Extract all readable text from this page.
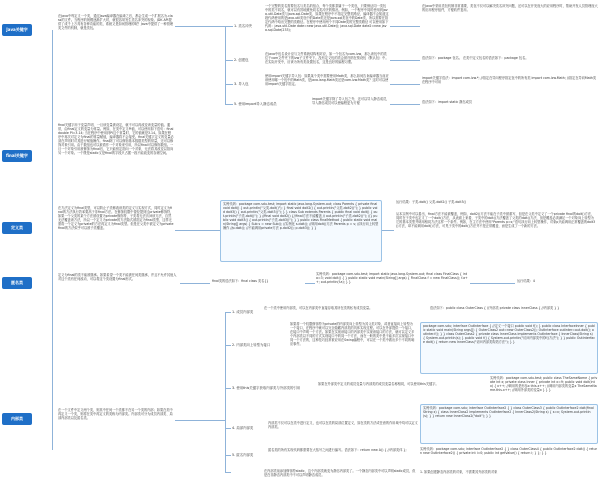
Java关键字
final关键字
定义类
匿名类
内部类
在Java中每定义一个类，通过Java编译器在编译之后，都会生成一个扩展名为.class的文件。当程序的规模逐渐扩大时，就很容易发生类名冲突的现象。JDK API提供了成千上万具有各种功能的类，系统又是如何管理的呢？Java中提供了一种管理类文件的机制，就是类包。
final关键字用于变量声明，一旦该变量被设定，就不可以再改变该变量的值。通常，由final定义的变量为常量。例如，在类中定义PI值，可以使用如下语句：final double PI=3.14; 当在程序中使用到PI这个常量时，它的值就是3.14。如果在程序中再次对定义为final的常量赋值，编译器将不会接受。final关键字定义的变量必须在声明时对其进行赋值操作。final除了可以修饰基本数据类型的常量，还可以修饰对象引用。由于数组也可以被看作一个对象来引用，所以final可以修饰数组。一旦一个对象引用被修饰为final后，它只能恒定指向一个对象，无法将其改变以指向另一个对象。一个既是static又是final的字段只占据一段不能改变的存储空间。
在方法定义为final类型，可以防止子类修改该类的定义与实现方式，同时定义为final的方法执行效率要高于非final方法。在修饰权限中曾经提到过private修饰符，如果一个父类的某个方法被设置为private修饰符，子类将无法访问该方法，自然无法覆盖该方法，所以一个定义为private的方法隐式被指定为final类型，这样无需将一个定义为private的方法再定义为final类型。但是在父类中被定义为private final的方法似乎可以被子类覆盖。
定义为final的类不能被继承。如果希望一个类不能被任何类继承，并且不允许其他人对这个类有任何改动，可以将这个类设置为final形式。
在一个文件中定义两个类，则其中任何一个类都不在另一个类的内部；如果在类中再定义一个类，则将在类中再定义的类称为内部类。内部类可分为成员内部类、局部内部类以及匿名类。
1. 类名冲突
一个完整的类名需要包名与类名的组合，每个类都隶属于一个类包，只要保证同一类包中的类不同名，就可以有效地避免同名类冲突的情况。例如，一个程序中同时使用到java.util.Date类与java.sql.Date类，如果在程序中不指定完整类路径，编译器不会知道这段代码使用的是java.util类包中的Date类还是java.sql类包中的Date类，所以需要在指定代码中给出完整的类路径。在程序中使用两个不同Date类的完整类路径 可以使用如下代码：java.util.Date date=new java.util.Date(); java.sql.Date date2=new java.sql.Date(233);
2. 创建包
在Java中包名设计应与文件系统结构相对应，如一个包名为com.lzw，那么该包中的类位于com文件夹下的lzw子文件夹下。没有定义包的类会被归纳在预设包（默认包）中。在实际开发中，应该为所有类设置包名，这是良好的编程习惯。
3. 导入包
使用import关键字导入包：如果某个类中需要使用Math类，那么如何告诉编译器当前应该使用哪一个包中的Math类，是java.lang.Math类还是com.lzw.Math类？这时可以使用import关键字指定。
5. 使用import导入静态成员
import关键字除了导入包之外，还可以导入静态成员，导入静态成员可以使编程更为方便
在Java中采用类包机制非常重要，类包不仅可以解决类名冲突问题，还可以在开发庞大的应用程序时，帮助开发人员管理庞大的应用程序组件，方便软件复用。
语法如下：package 包名。 在类中定义包名的语法如下：package 包名。
import关键字语法：import com.lzw.*; //指定在导向程序指定包中的所有类 import com.lzw.Math; //指定在导向Math类在程序中可用
语法如下：import static 静态成员
实例代码：package com.sdu.test; import static java.lang.System.out; class Parents { private final void doit() { out.println("父类.doit()"); } final void doit2() { out.println("父类.doit2()"); } public void doit3() { out.println("父类.doit3()"); } } class Sub extends Parents { public final void doit() { out.println("子类.doit()"); } //final void doit2() {//final方法不能覆盖 // out.println("子类.doit2()"); //} public void doit3() { out.println("子类.doit3()"); } } public class FinalMethod { public static void main(String[] args) { Sub s = new Sub(); //实例化 s.doit(); //调用doit()方法 Parents p = s; //执行向上转型操作 //p.doit(); //不能调用private方法 p.doit2(); p.doit3(); } }
运行结果：子类.doit() 父类.doit2() 子类.doit3()
从本实例中可以看出，final方法不能被覆盖，例如，doit2()方法不能在子类中被重写，但是在父类中定义了一个private final的doit()方法，同时在子类中也定义了一个doit()方法，从表面上来看，子类中的doit()方法覆盖了父类的doit()方法，但是覆盖必须满足一个对象向上转型为它的基本类型并调用相同方法这样一个条件。例如，在主方法中使用"Parents p=s;"语句执行向上转型操作，对象p只能调用正常覆盖的doit3()方法，却不能调用doit()方法，可见子类中的doit()方法并不是正常覆盖，而是生成了一个新的方法。
final类的语法如下：final class 类名{}
实例代码：package com.sdu.test; import static java.lang.System.out; final class FinalClass { int a=3; void doit() { } public static void main(String[] args) { FinalClass f = new FinalClass(); f.a++; out.println(f.a); } }	运行结果：4
1. 成员内部类
在一个类中使用内部类，可以在内部类中直接存取其所在类的私有成员变量。	语法如下：public class OuterClass { //外部类 private class innerClass { //内部类 } }
2. 内部类向上转型为接口
如果将一个权限修饰符为private的内部类向上转型为其父类对象，或者直接向上转型为一个接口，在程序中就可以完全隐藏内部类的具体实现过程。可以在外部提供一个接口，在接口中声明一个方法。如果在实现该接口的内部类中实现该接口的方法，就可以定义多个内部类以不同的方式实现接口中的同一个方法，而在一般的类中是不能多次实现接口中同一个方法的，这种技巧经常被应用在Swing编程中，可以在一个类中做出多个不同的响应事件。
package com.sdu; interface OutInterface { //定义一个接口 public void f(); } public class InterfaceInner { public static void main(String args[]) { OuterClass2 out=new OuterClass2(); OutInterface outinter=out.doit(); outinter.f(); } } class OuterClass2 { private class InnerClass implements OutInterface { InnerClass(String s) { System.out.println(s); } public void f() { System.out.println("访问内部类中的f()方法"); } } public OutInterface doit() { return new InnerClass("访问内部类构造方法"); } }
3. 使用this关键字获取内部类与外部类的引用
如果在外部类中定义的成员变量与内部类的成员变量名称相同，可以使用this关键字。
实例代码：package com.sdu.test; public class TheSameName { private int x; private class Inner { private int x=9; public void doit(int x) { x++; //调用的是形参x this.x++; //调用内部类的变量x TheSameName.this.x++; //调用外部类的变量x } } }
4. 局部内部类
内部类不仅可以在类中进行定义，也可以在类的局部位置定义，如在类的方法或任意的作用域中均可以定义内部类。
实例代码：package com.sdu; interface OutInterface2 { } class OuterClass3 { public OutInterface2 doit(final String x) { class InnerClass2 implements OutInterface2 { InnerClass2(String s) { s=x; System.out.println(s); } } return new InnerClass2("doit"); } }
5. 匿名内部类
匿名类的所有实现代码都需要在大括号之间进行编写。语法如下：return new A() { //内部类体 };	实例代码：package com.sdu; interface OutInterface2 { } class OuterClass4 { public OutInterface2 doit() { return new OutInterface2() { private int i=0; public int getValue() { return i; } }; } }
在内部类前添加修饰符static，这个内部类就变为静态内部类了。一个静态内部类中可以声明static成员，但是在非静态内部类中不可以声明静态成员。
1. 如果创建静态内部类的对象，不需要其外部类的对象
